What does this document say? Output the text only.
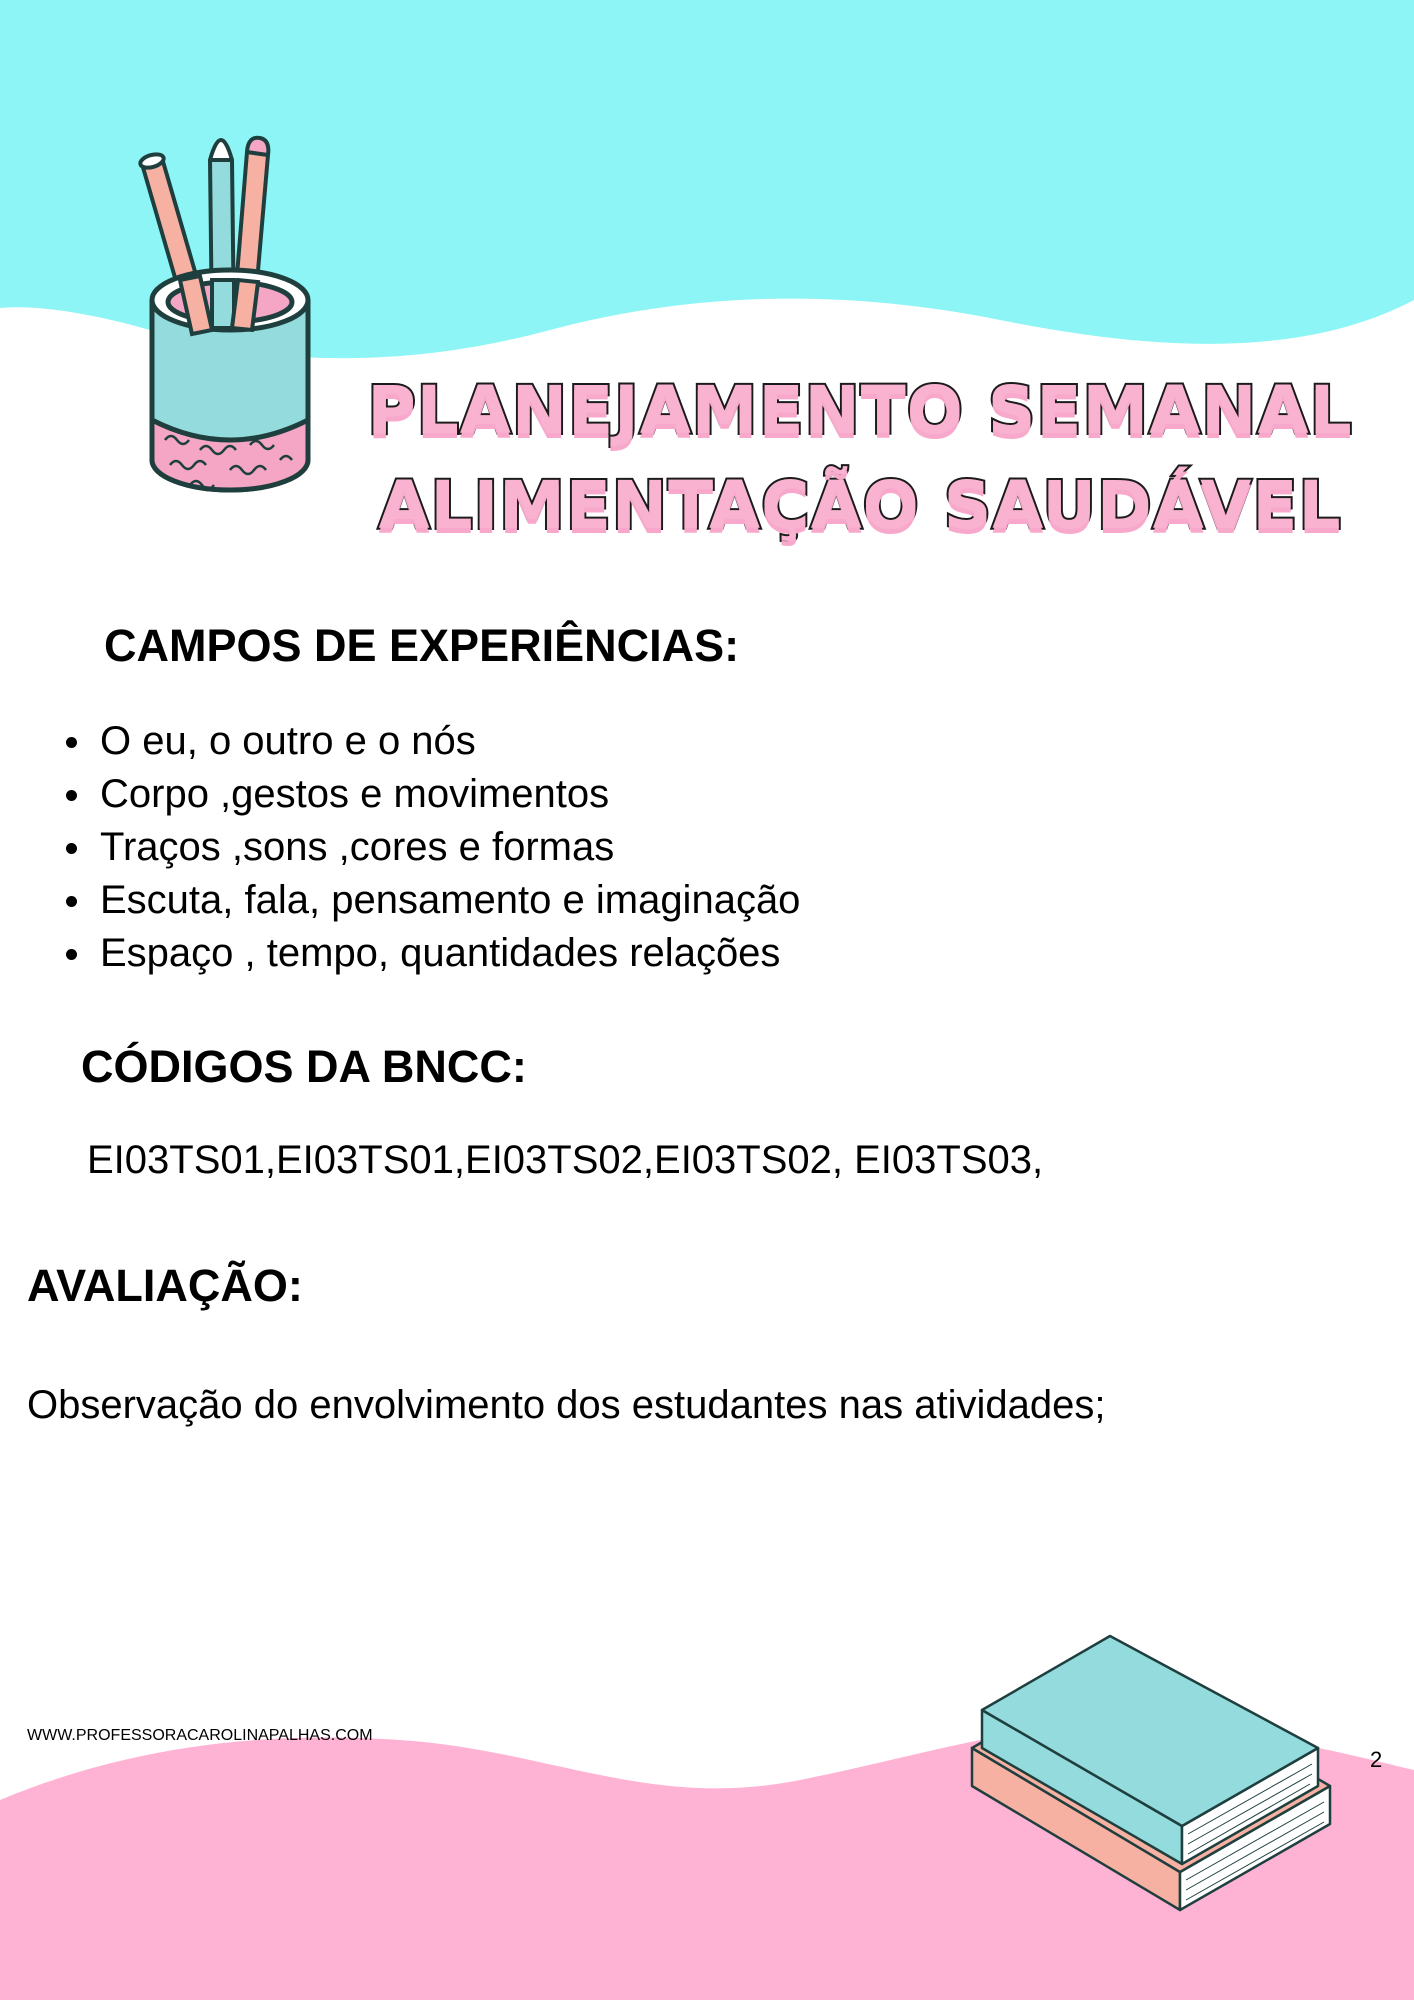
PLANEJAMENTO SEMANAL
ALIMENTAÇÃO SAUDÁVEL
CAMPOS DE EXPERIÊNCIAS:
O eu, o outro e o nós
Corpo ,gestos e movimentos
Traços ,sons ,cores e formas
Escuta, fala, pensamento e imaginação
Espaço , tempo, quantidades relações
CÓDIGOS DA BNCC:

EI03TS01,EI03TS01,EI03TS02,EI03TS02, EI03TS03,

AVALIAÇÃO:

Observação do envolvimento dos estudantes nas atividades;

WWW.PROFESSORACAROLINAPALHAS.COM
2
